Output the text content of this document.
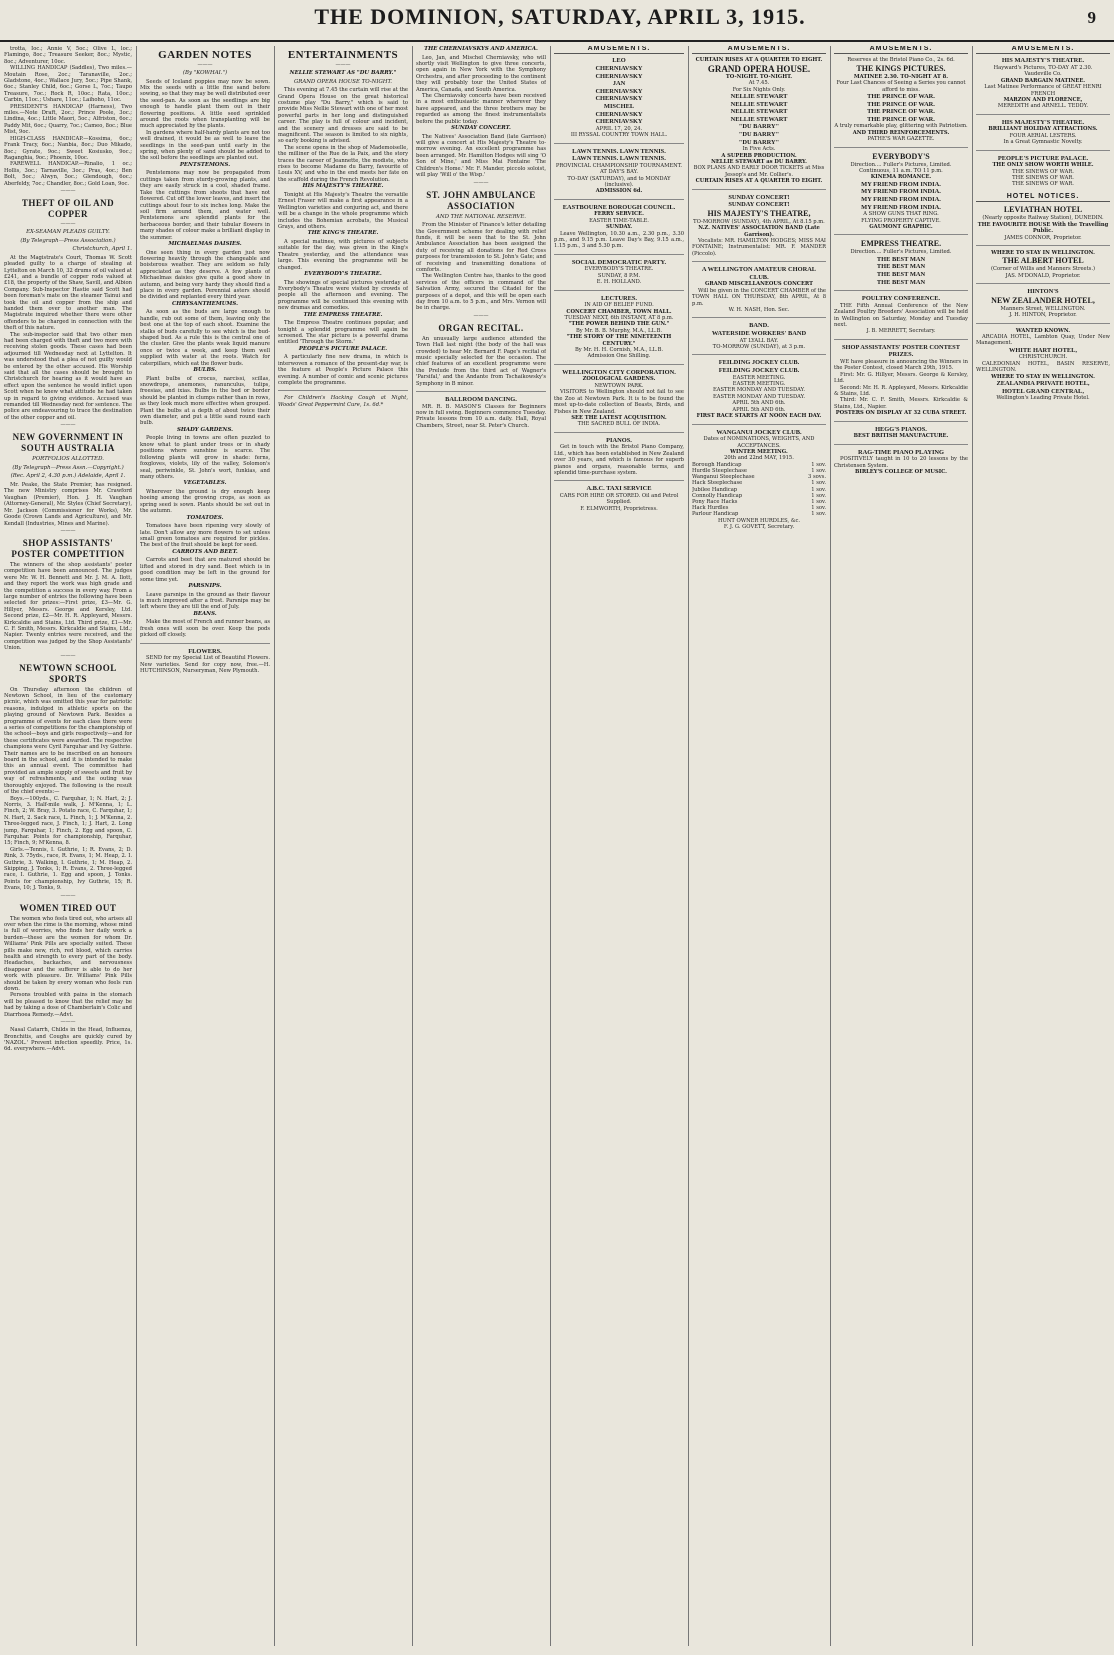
THE DOMINION, SATURDAY, APRIL 3, 1915.	9
trotta, Ioc.; Annie V, 5oc.; Olive L, loc.; Flamingo, 8oc.; Treasure Seeker, 8oc.; Mystic, 8oc.; Adventurer, 10oc.
WILLING HANDICAP (Saddles), Two miles.—Moutain Rose, 2oc.; Taranaville, 2oc.; Gladstone, 4oc.; Wallace Jury, 5oc.; Pipe Shank, 6oc.; Stanley Child, 6oc.; Gorse L, 7oc.; Taupo Treasure, 7oc.; Rock R, 10oc.; Rata, 10oc.; Carbin, 11oc.; Ushare, 11oc.; Laihoho, 11oc.
PRESIDENT'S HANDICAP (Harness), Two miles.—Note Draft, 2oc.; Prince Poole, 3oc.; Lindina, 4oc.; Little Maori, 5oc.; Alfriston, 6oc.; Paddy Mit, 6oc.; Quarry, 7oc.; Cameo, 8oc.; Blue Mist, 9oc.
HIGH-CLASS HANDICAP.—Kossima, 6oc.; Frank Tracy, 6oc.; Nanbia, 8oc.; Duo Mikado, 8oc.; Gyrate, 9oc.; Sweet Kosiusko, 9oc.; Raganghia, 9oc.; Phoenix, 10oc.
FAREWELL HANDICAP.—Rinalio, 1 oc.; Hollis, 3oc.; Tarnaville, 3oc.; Pras, 4oc.; Ben Bolt, 5oc.; Alwyn, 5oc.; Glendough, 6oc.; Aberfeldy, 7oc.; Chandler, 8oc.; Gold Loan, 9oc.
———
THEFT OF OIL AND COPPER
———
EX-SEAMAN PLEADS GUILTY.
(By Telegraph—Press Association.)
Christchurch, April 1.
At the Magistrate's Court, Thomas W. Scott pleaded guilty to a charge of stealing at Lyttelton on March 10, 32 drums of oil valued at £241, and a bundle of copper rods valued at £18, the property of the Shaw, Savill, and Albion Company. Sub-Inspector Hastie said Scott had been foreman's mate on the steamer Tainui and took the oil and copper from the ship and handed them over to another man. The Magistrate inquired whether there were other offenders to be charged in connection with the theft of this nature.
The sub-inspector said that two other men had been charged with theft and two more with receiving stolen goods. These cases had been adjourned till Wednesday next at Lyttelton. It was understood that a plea of not guilty would be entered by the other accused. His Worship said that all the cases should be brought to Christchurch for hearing as it would have an effect upon the sentence he would inflict upon Scott when he knew what attitude he had taken up in regard to giving evidence. Accused was remanded till Wednesday next for sentence. The police are endeavouring to trace the destination of the other copper and oil.
———
NEW GOVERNMENT IN SOUTH AUSTRALIA
PORTFOLIOS ALLOTTED.
(By Telegraph—Press Assn.—Copyright.)
(Rec. April 2, 4.30 p.m.) Adelaide, April 1.
Mr. Peake, the State Premier, has resigned. The new Ministry comprises Mr. Crawford Vaughan (Premier), Hon. J. H. Vaughan (Attorney-General), Mr. Styles (Chief Secretary), Mr. Jackson (Commissioner for Works), Mr. Goode (Crown Lands and Agriculture), and Mr. Kendall (Industries, Mines and Marine).
———
SHOP ASSISTANTS' POSTER COMPETITION
The winners of the shop assistants' poster competition have been announced. The judges were Mr. W. H. Bennett and Mr. J. M. A. Ilott, and they report the work was high grade and the competition a success in every way. From a large number of entries the following have been selected for prizes:—First prize, £3—Mr. G. Hillyer, Messrs. George and Kersley, Ltd. Second prize, £2—Mr. H. R. Appleyard, Messrs. Kirkcaldie and Stains, Ltd. Third prize, £1—Mr. C. F. Smith, Messrs. Kirkcaldie and Stains, Ltd.; Napier. Twenty entries were received, and the competition was judged by the Shop Assistants' Union.
———
NEWTOWN SCHOOL SPORTS
On Thursday afternoon the children of Newtown School, in lieu of the customary picnic, which was omitted this year for patriotic reasons, indulged in athletic sports on the playing ground of Newtown Park. Besides a programme of events for each class there were a series of competitions for the championship of the school—boys and girls respectively—and for these certificates were awarded. The respective champions were Cyril Farquhar and Ivy Guthrie. Their names are to be inscribed on an honours board in the school, and it is intended to make this an annual event. The committee had provided an ample supply of sweets and fruit by way of refreshments, and the outing was thoroughly enjoyed. The following is the result of the chief events:—
Boys.—100yds., C. Farquhar, 1; N. Hart, 2; J. Norris, 3. Half-mile walk, J. M'Kenna, 1; L. Finch, 2; W. Bray, 3. Potato race, C. Farquhar, 1; N. Hart, 2. Sack race, L. Finch, 1; J. M'Kenna, 2. Three-legged race, J. Finch, 1; J. Hart, 2. Long jump, Farquhar, 1; Finch, 2. Egg and spoon, C. Farquhar. Points for championship, Farquhar, 15; Finch, 9; M'Kenna, 8.
Girls.—Tennis, I. Guthrie, 1; R. Evans, 2; D. Rink, 3. 75yds., race, R. Evans, 1; M. Heap, 2. I. Guthrie, 3. Walking, I. Guthrie, 1; M. Heap, 2. Skipping, J. Tonks, 1; R. Evans, 2. Three-legged race, I. Guthrie, 1. Egg and spoon, J. Tonks. Points for championship, Ivy Guthrie, 15; R. Evans, 10; J. Tonks, 9.
———
WOMEN TIRED OUT
The women who feels tired out, who arises all over when the rime is the morning, whose mind is full of worries, who finds her daily work a burden—these are the women for whom Dr. Williams' Pink Pills are specially suited. These pills make new, rich, red blood, which carries health and strength to every part of the body. Headaches, backaches, and nervousness disappear and the sufferer is able to do her work with pleasure. Dr. Williams' Pink Pills should be taken by every woman who feels run down.
Persons troubled with pains in the stomach will be pleased to know that the relief may be had by taking a dose of Chamberlain's Colic and Diarrhoea Remedy.—Advt.
———
Nasal Catarrh, Childs in the Head, Influenza, Bronchitis, and Coughs are quickly cured by 'NAZOL.' Prevent infection speedily. Price, 1s. 6d. everywhere.—Advt.
GARDEN NOTES
———
(By "KOWHAI.")
Seeds of Iceland poppies may now be sown. Mix the seeds with a little fine sand before sowing, so that they may be well distributed over the seed-pan. As soon as the seedlings are big enough to handle plant them out in their flowering positions. A little seed sprinkled around the roots when transplanting will be much appreciated by the plants.
In gardens where half-hardy plants are not too well drained, it would be as well to leave the seedlings in the seed-pan until early in the spring, when plenty of sand should be added to the soil before the seedlings are planted out.
PENTSTEMONS.
Pentstemons may now be propagated from cuttings taken from sturdy-growing plants, and they are easily struck in a cool, shaded frame. Take the cuttings from shoots that have not flowered. Cut off the lower leaves, and insert the cuttings about four to six inches long. Make the soil firm around them, and water well. Pentstemons are splendid plants for the herbaceous border, and their tubular flowers in many shades of colour make a brilliant display in the summer.
MICHAELMAS DAISIES.
One seen thing in every garden just now flowering heavily through the changeable and boisterous weather. They are seldom so fully appreciated as they deserve. A few plants of Michaelmas daisies give quite a good show in autumn, and being very hardy they should find a place in every garden. Perennial asters should be divided and replanted every third year.
CHRYSANTHEMUMS.
As soon as the buds are large enough to handle, rub out some of them, leaving only the best one at the top of each shoot. Examine the stalks of buds carefully to see which is the bud-shaped bud. As a rule this is the central one of the cluster. Give the plants weak liquid manure once or twice a week, and keep them well supplied with water at the roots. Watch for caterpillars, which eat the flower buds.
BULBS.
Plant bulbs of crocus, narcissi, scillas, snowdrops, anemones, ranunculus, tulips, freesias, and ixias. Bulbs in the bed or border should be planted in clumps rather than in rows, as they look much more effective when grouped. Plant the bulbs at a depth of about twice their own diameter, and put a little sand round each bulb.
SHADY GARDENS.
People living in towns are often puzzled to know what to plant under trees or in shady positions where sunshine is scarce. The following plants will grow in shade: ferns, foxgloves, violets, lily of the valley, Solomon's seal, periwinkle, St. John's wort, funkias, and many others.
VEGETABLES.
Wherever the ground is dry enough keep hoeing among the growing crops, as soon as spring seed is sown. Plants should be set out in the autumn.
TOMATOES.
Tomatoes have been ripening very slowly of late. Don't allow any more flowers to set unless small green tomatoes are required for pickles. The best of the fruit should be kept for seed.
CARROTS AND BEET.
Carrots and beet that are matured should be lifted and stored in dry sand. Beet which is in good condition may be left in the ground for some time yet.
PARSNIPS.
Leave parsnips in the ground as their flavour is much improved after a frost. Parsnips may be left where they are till the end of July.
BEANS.
Make the most of French and runner beans, as fresh ones will soon be over. Keep the pods picked off closely.
FLOWERS.
SEND for my Special List of Beautiful Flowers. New varieties. Send for copy now, free.—H. HUTCHINSON, Nurseryman, New Plymouth.
ENTERTAINMENTS
———
NELLIE STEWART AS "DU BARRY."
GRAND OPERA HOUSE TO-NIGHT.
This evening at 7.45 the curtain will rise at the Grand Opera House on the great historical costume play "Du Barry," which is said to provide Miss Nellie Stewart with one of her most powerful parts in her long and distinguished career. The play is full of colour and incident, and the scenery and dresses are said to be magnificent. The season is limited to six nights, so early booking is advised.
The scene opens in the shop of Mademoiselle, the milliner of the Rue de la Paix, and the story traces the career of Jeannette, the modiste, who rises to become Madame du Barry, favourite of Louis XV, and who in the end meets her fate on the scaffold during the French Revolution.
HIS MAJESTY'S THEATRE.
Tonight at His Majesty's Theatre the versatile Ernest Fraser will make a first appearance in a Wellington varieties and conjuring act, and there will be a change in the whole programme which includes the Bohemian acrobats, the Musical Grays, and others.
THE KING'S THEATRE.
A special matinee, with pictures of subjects suitable for the day, was given in the King's Theatre yesterday, and the attendance was large. This evening the programme will be changed.
EVERYBODY'S THEATRE.
The showings of special pictures yesterday at Everybody's Theatre were visited by crowds of people all the afternoon and evening. The programme will be continued this evening with new dramas and comedies.
THE EMPRESS THEATRE.
The Empress Theatre continues popular, and tonight a splendid programme will again be screened. The star picture is a powerful drama entitled 'Through the Storm.'
PEOPLE'S PICTURE PALACE.
A particularly fine new drama, in which is interwoven a romance of the present-day war, is the feature at People's Picture Palace this evening. A number of comic and scenic pictures complete the programme.
For Children's Hacking Cough at Night, Woods' Great Peppermint Cure, 1s. 6d.*
THE CHERNIAVSKYS AND AMERICA.
Leo, Jan, and Mischel Cherniavsky, who will shortly visit Wellington to give three concerts, open again in New York with the Symphony Orchestra, and after proceeding to the continent they will probably tour the United States of America, Canada, and South America.
The Cherniavsky concerts have been received in a most enthusiastic manner wherever they have appeared, and the three brothers may be regarded as among the finest instrumentalists before the public today.
SUNDAY CONCERT.
The Natives' Association Band (late Garrison) will give a concert at His Majesty's Theatre to-morrow evening. An excellent programme has been arranged. Mr. Hamilton Hodges will sing 'O Son of Mine,' and Miss Mai Fontaine 'The Children's Home.' Mr. F. Mander, piccolo soloist, will play 'Will o' the Wisp.'
———
ST. JOHN AMBULANCE ASSOCIATION
AND THE NATIONAL RESERVE.
From the Minister of Finance's letter detailing the Government scheme for dealing with relief funds, it will be seen that to the St. John Ambulance Association has been assigned the duty of receiving all donations for Red Cross purposes for transmission to St. John's Gate; and of receiving and transmitting donations of comforts.
The Wellington Centre has, thanks to the good services of the officers in command of the Salvation Army, secured the Citadel for the purposes of a depot, and this will be open each day from 10 a.m. to 5 p.m., and Mrs. Vernon will be in charge.
———
ORGAN RECITAL.
An unusually large audience attended the Town Hall last night (the body of the hall was crowded) to hear Mr. Bernard F. Page's recital of music specially selected for the occasion. The chief features of an excellent programme were the Prelude from the third act of Wagner's 'Parsifal,' and the Andante from Tschaikowsky's Symphony in B minor.
BALLROOM DANCING.
MR. R. B. MASON'S Classes for Beginners now in full swing. Beginners commence Tuesday. Private lessons from 10 a.m. daily. Hall, Royal Chambers, Street, near St. Peter's Church.
AMUSEMENTS.
LEO
CHERNIAVSKY
CHERNIAVSKY
JAN
CHERNIAVSKY
CHERNIAVSKY
MISCHEL
CHERNIAVSKY
CHERNIAVSKY
APRIL 17, 20, 24.
III RYSSAL COUNTRY TOWN HALL.
LAWN TENNIS. LAWN TENNIS.
LAWN TENNIS. LAWN TENNIS.
PROVINCIAL CHAMPIONSHIP TOURNAMENT.
AT DAY'S BAY.
TO-DAY (SATURDAY), and to MONDAY (inclusive).
ADMISSION 6d.
EASTBOURNE BOROUGH COUNCIL.
FERRY SERVICE.
EASTER TIME-TABLE.
SUNDAY.
Leave Wellington, 10.30 a.m., 2.30 p.m., 3.30 p.m., and 9.15 p.m. Leave Day's Bay, 9.15 a.m., 1.15 p.m., 3 and 5.30 p.m.
SOCIAL DEMOCRATIC PARTY.
EVERYBODY'S THEATRE.
SUNDAY, 8 P.M.
E. H. HOLLAND.
LECTURES.
IN AID OF BELIEF FUND.
CONCERT CHAMBER, TOWN HALL.
TUESDAY NEXT, 6th INSTANT, AT 8 p.m.
"THE POWER BEHIND THE GUN."
By Mr. B. B. Murphy, M.A., LL.B.
"THE STORY OF THE NINETEENTH CENTURY."
By Mr. H. H. Cornish, M.A., LL.B.
Admission One Shilling.
WELLINGTON CITY CORPORATION.
ZOOLOGICAL GARDENS.
NEWTOWN PARK.
VISITORS to Wellington should not fail to see the Zoo at Newtown Park. It is to be found the most up-to-date collection of Beasts, Birds, and Fishes in New Zealand.
SEE THE LATEST ACQUISITION.
THE SACRED BULL OF INDIA.
PIANOS.
Get in touch with the Bristol Piano Company, Ltd., which has been established in New Zealand over 30 years, and which is famous for superb pianos and organs, reasonable terms, and splendid time-purchase system.
A.B.C. TAXI SERVICE
CARS FOR HIRE OR STORED. Oil and Petrol Supplied.
F. ELMWORTH, Proprietress.
AMUSEMENTS.
CURTAIN RISES AT A QUARTER TO EIGHT.
GRAND OPERA HOUSE.
TO-NIGHT. TO-NIGHT.
At 7.45.
For Six Nights Only.
NELLIE STEWART
NELLIE STEWART
NELLIE STEWART
NELLIE STEWART
"DU BARRY"
"DU BARRY"
"DU BARRY"
In Five Acts.
A SUPERB PRODUCTION.
NELLIE STEWART as DU BARRY.
BOX PLANS AND EARLY DOOR TICKETS at Miss Jessop's and Mr. Collier's.
CURTAIN RISES AT A QUARTER TO EIGHT.
SUNDAY CONCERT!
SUNDAY CONCERT!
HIS MAJESTY'S THEATRE,
TO-MORROW (SUNDAY), 4th APRIL, At 8.15 p.m.
N.Z. NATIVES' ASSOCIATION BAND (Late Garrison).
Vocalists: MR. HAMILTON HODGES; MISS MAI FONTAINE; Instrumentalist: MR. F. MANDER (Piccolo).
A WELLINGTON AMATEUR CHORAL CLUB.
GRAND MISCELLANEOUS CONCERT
Will be given in the CONCERT CHAMBER of the TOWN HALL ON THURSDAY, 8th APRIL, At 8 p.m.
W. H. NASH, Hon. Sec.
BAND.
WATERSIDE WORKERS' BAND
AT LYALL BAY.
TO-MORROW (SUNDAY), at 3 p.m.
FEILDING JOCKEY CLUB.
FEILDING JOCKEY CLUB.
EASTER MEETING.
EASTER MEETING.
EASTER MONDAY AND TUESDAY.
EASTER MONDAY AND TUESDAY.
APRIL 5th AND 6th.
APRIL 5th AND 6th.
FIRST RACE STARTS AT NOON EACH DAY.
WANGANUI JOCKEY CLUB.
Dates of NOMINATIONS, WEIGHTS, AND ACCEPTANCES.
WINTER MEETING.
20th and 22nd MAY, 1915.
Borough Handicap	1 sov.
Hurdle Steeplechase	1 sov.
Wanganui Steeplechase	3 sovs.
Hack Steeplechase	1 sov.
Jubilee Handicap	1 sov.
Connolly Handicap	1 sov.
Pony Race Hacks	1 sov.
Hack Hurdles	1 sov.
Parlour Handicap	1 sov.
HUNT OWNER HURDLES, &c.
F. J. G. GOVETT, Secretary.
AMUSEMENTS.
Reserves at the Bristol Piano Co., 2s. 6d.
THE KINGS PICTURES.
MATINEE 2.30. TO-NIGHT AT 8.
Four Last Chances of Seeing a Series you cannot afford to miss.
THE PRINCE OF WAR.
THE PRINCE OF WAR.
THE PRINCE OF WAR.
THE PRINCE OF WAR.
A truly remarkable play, glittering with Patriotism.
AND THIRD REINFORCEMENTS.
PATHE'S WAR GAZETTE.
EVERYBODY'S
Direction.... Fuller's Pictures, Limited.
Continuous, 11 a.m. TO 11 p.m.
KINEMA ROMANCE.
MY FRIEND FROM INDIA.
MY FRIEND FROM INDIA.
MY FRIEND FROM INDIA.
MY FRIEND FROM INDIA.
A SHOW GUNS THAT RING.
FLYING PROPERTY CAPTIVE.
GAUMONT GRAPHIC.
EMPRESS THEATRE.
Direction.... Fuller's Pictures, Limited.
THE BEST MAN
THE BEST MAN
THE BEST MAN
THE BEST MAN
POULTRY CONFERENCE.
THE Fifth Annual Conference of the New Zealand Poultry Breeders' Association will be held in Wellington on Saturday, Monday and Tuesday next.
J. B. MERRETT, Secretary.
SHOP ASSISTANTS' POSTER CONTEST PRIZES.
WE have pleasure in announcing the Winners in the Poster Contest, closed March 29th, 1915.
First: Mr. G. Hillyer, Messrs. George & Kersley, Ltd.
Second: Mr. H. R. Appleyard, Messrs. Kirkcaldie & Stains, Ltd.
Third: Mr. C. F. Smith, Messrs. Kirkcaldie & Stains, Ltd., Napier.
POSTERS ON DISPLAY AT 32 CUBA STREET.
HEGG'S PIANOS.
BEST BRITISH MANUFACTURE.
RAG-TIME PIANO PLAYING
POSITIVELY taught in 10 to 20 lessons by the Christensen System.
BIRLEY'S COLLEGE OF MUSIC.
AMUSEMENTS.
HIS MAJESTY'S THEATRE.
Hayward's Pictures, TO-DAY AT 2.30.
Vaudeville Co.
GRAND BARGAIN MATINEE.
Last Matinee Performance of GREAT HENRI FRENCH
MARZON AND FLORENCE,
MEREDITH and ARNELL. TEDDY.
HIS MAJESTY'S THEATRE.
BRILLIANT HOLIDAY ATTRACTIONS.
FOUR AERIAL LESTERS.
In a Great Gymnastic Novelty.
PEOPLE'S PICTURE PALACE.
THE ONLY SHOW WORTH WHILE.
THE SINEWS OF WAR.
THE SINEWS OF WAR.
THE SINEWS OF WAR.
HOTEL NOTICES.
LEVIATHAN HOTEL
(Nearly opposite Railway Station), DUNEDIN.
THE FAVOURITE HOUSE With the Travelling Public.
JAMES CONNOR, Proprietor.
WHERE TO STAY IN WELLINGTON.
THE ALBERT HOTEL
(Corner of Willis and Manners Streets.)
JAS. M'DONALD, Proprietor.
HINTON'S
NEW ZEALANDER HOTEL,
Manners Street, WELLINGTON.
J. H. HINTON, Proprietor.
WANTED KNOWN.
ARCADIA HOTEL, Lambton Quay, Under New Management.
WHITE HART HOTEL,
CHRISTCHURCH.
CALEDONIAN HOTEL, BASIN RESERVE, WELLINGTON.
WHERE TO STAY IN WELLINGTON.
ZEALANDIA PRIVATE HOTEL,
HOTEL GRAND CENTRAL,
Wellington's Leading Private Hotel.
